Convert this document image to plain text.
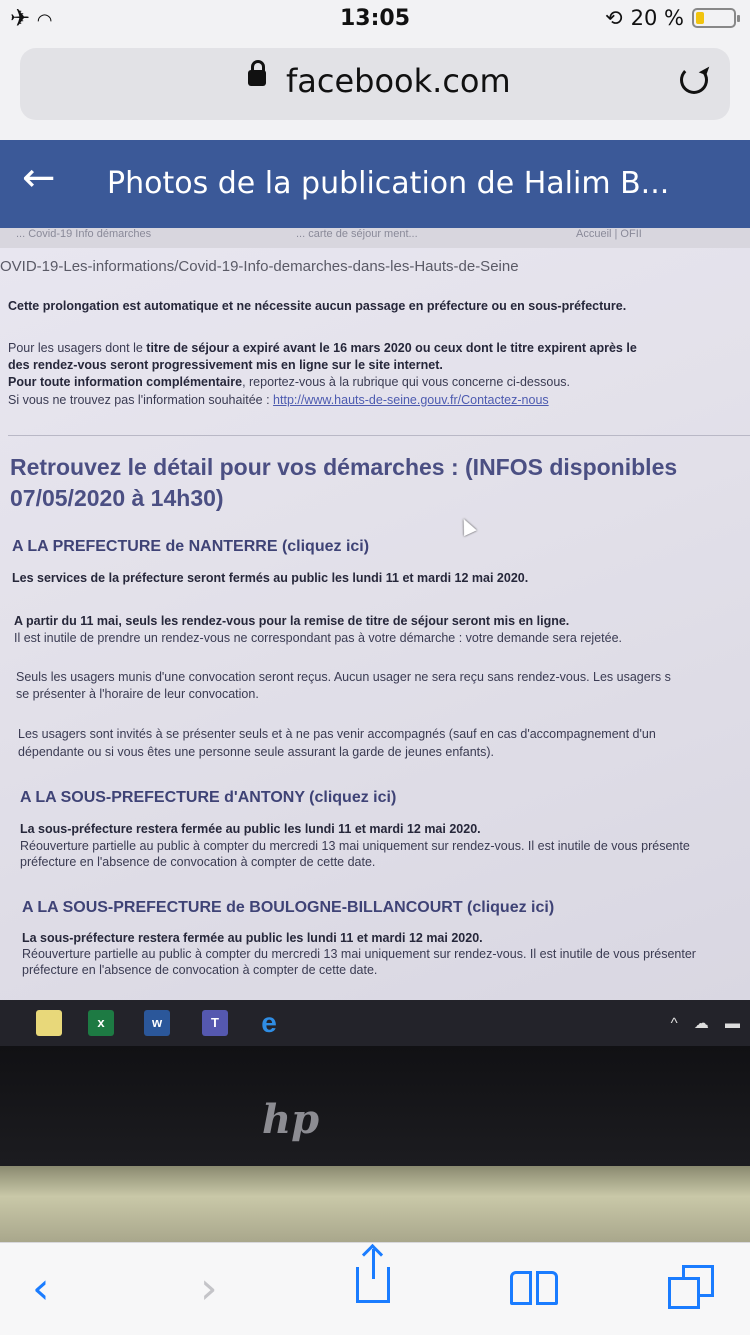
✈ ◠	13:05	⟲ 20 %
facebook.com
← Photos de la publication de Halim B...
... Covid-19 Info démarches	... carte de séjour ment...	Accueil | OFII
OVID-19-Les-informations/Covid-19-Info-demarches-dans-les-Hauts-de-Seine
Cette prolongation est automatique et ne nécessite aucun passage en préfecture ou en sous-préfecture.
Pour les usagers dont le titre de séjour a expiré avant le 16 mars 2020 ou ceux dont le titre expirent après le
des rendez-vous seront progressivement mis en ligne sur le site internet.
Pour toute information complémentaire, reportez-vous à la rubrique qui vous concerne ci-dessous.
Si vous ne trouvez pas l'information souhaitée : http://www.hauts-de-seine.gouv.fr/Contactez-nous
Retrouvez le détail pour vos démarches : (INFOS disponibles
07/05/2020 à 14h30)
A LA PREFECTURE de NANTERRE (cliquez ici)
Les services de la préfecture seront fermés au public les lundi 11 et mardi 12 mai 2020.
A partir du 11 mai, seuls les rendez-vous pour la remise de titre de séjour seront mis en ligne.
Il est inutile de prendre un rendez-vous ne correspondant pas à votre démarche : votre demande sera rejetée.
Seuls les usagers munis d'une convocation seront reçus. Aucun usager ne sera reçu sans rendez-vous. Les usagers s
se présenter à l'horaire de leur convocation.
Les usagers sont invités à se présenter seuls et à ne pas venir accompagnés (sauf en cas d'accompagnement d'un
dépendante ou si vous êtes une personne seule assurant la garde de jeunes enfants).
A LA SOUS-PREFECTURE d'ANTONY (cliquez ici)
La sous-préfecture restera fermée au public les lundi 11 et mardi 12 mai 2020.
Réouverture partielle au public à compter du mercredi 13 mai uniquement sur rendez-vous. Il est inutile de vous présente
préfecture en l'absence de convocation à compter de cette date.
A LA SOUS-PREFECTURE de BOULOGNE-BILLANCOURT (cliquez ici)
La sous-préfecture restera fermée au public les lundi 11 et mardi 12 mai 2020.
Réouverture partielle au public à compter du mercredi 13 mai uniquement sur rendez-vous. Il est inutile de vous présenter
préfecture en l'absence de convocation à compter de cette date.
x	w	T	e	^ ☁ ▬
hp
‹	›
